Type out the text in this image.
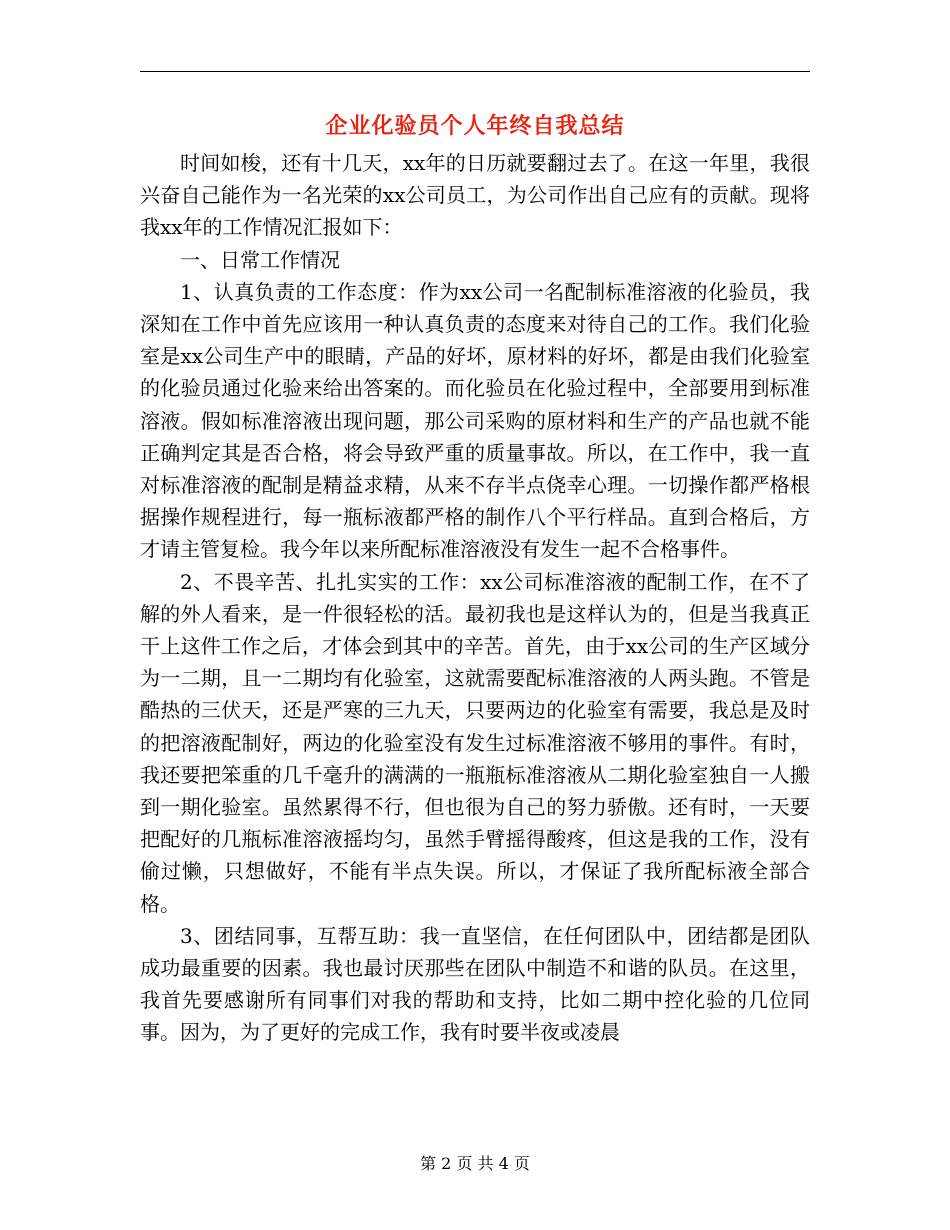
企业化验员个人年终自我总结

时间如梭，还有十几天，xx年的日历就要翻过去了。在这一年里，我很兴奋自己能作为一名光荣的xx公司员工，为公司作出自己应有的贡献。现将我xx年的工作情况汇报如下：

一、日常工作情况

1、认真负责的工作态度：作为xx公司一名配制标准溶液的化验员，我深知在工作中首先应该用一种认真负责的态度来对待自己的工作。我们化验室是xx公司生产中的眼睛，产品的好坏，原材料的好坏，都是由我们化验室的化验员通过化验来给出答案的。而化验员在化验过程中，全部要用到标准溶液。假如标准溶液出现问题，那公司采购的原材料和生产的产品也就不能正确判定其是否合格，将会导致严重的质量事故。所以，在工作中，我一直对标准溶液的配制是精益求精，从来不存半点侥幸心理。一切操作都严格根据操作规程进行，每一瓶标液都严格的制作八个平行样品。直到合格后，方才请主管复检。我今年以来所配标准溶液没有发生一起不合格事件。

2、不畏辛苦、扎扎实实的工作：xx公司标准溶液的配制工作，在不了解的外人看来，是一件很轻松的活。最初我也是这样认为的，但是当我真正干上这件工作之后，才体会到其中的辛苦。首先，由于xx公司的生产区域分为一二期，且一二期均有化验室，这就需要配标准溶液的人两头跑。不管是酷热的三伏天，还是严寒的三九天，只要两边的化验室有需要，我总是及时的把溶液配制好，两边的化验室没有发生过标准溶液不够用的事件。有时，我还要把笨重的几千毫升的满满的一瓶瓶标准溶液从二期化验室独自一人搬到一期化验室。虽然累得不行，但也很为自己的努力骄傲。还有时，一天要把配好的几瓶标准溶液摇均匀，虽然手臂摇得酸疼，但这是我的工作，没有偷过懒，只想做好，不能有半点失误。所以，才保证了我所配标液全部合格。

3、团结同事，互帮互助：我一直坚信，在任何团队中，团结都是团队成功最重要的因素。我也最讨厌那些在团队中制造不和谐的队员。在这里，我首先要感谢所有同事们对我的帮助和支持，比如二期中控化验的几位同事。因为，为了更好的完成工作，我有时要半夜或凌晨

第 2 页 共 4 页
